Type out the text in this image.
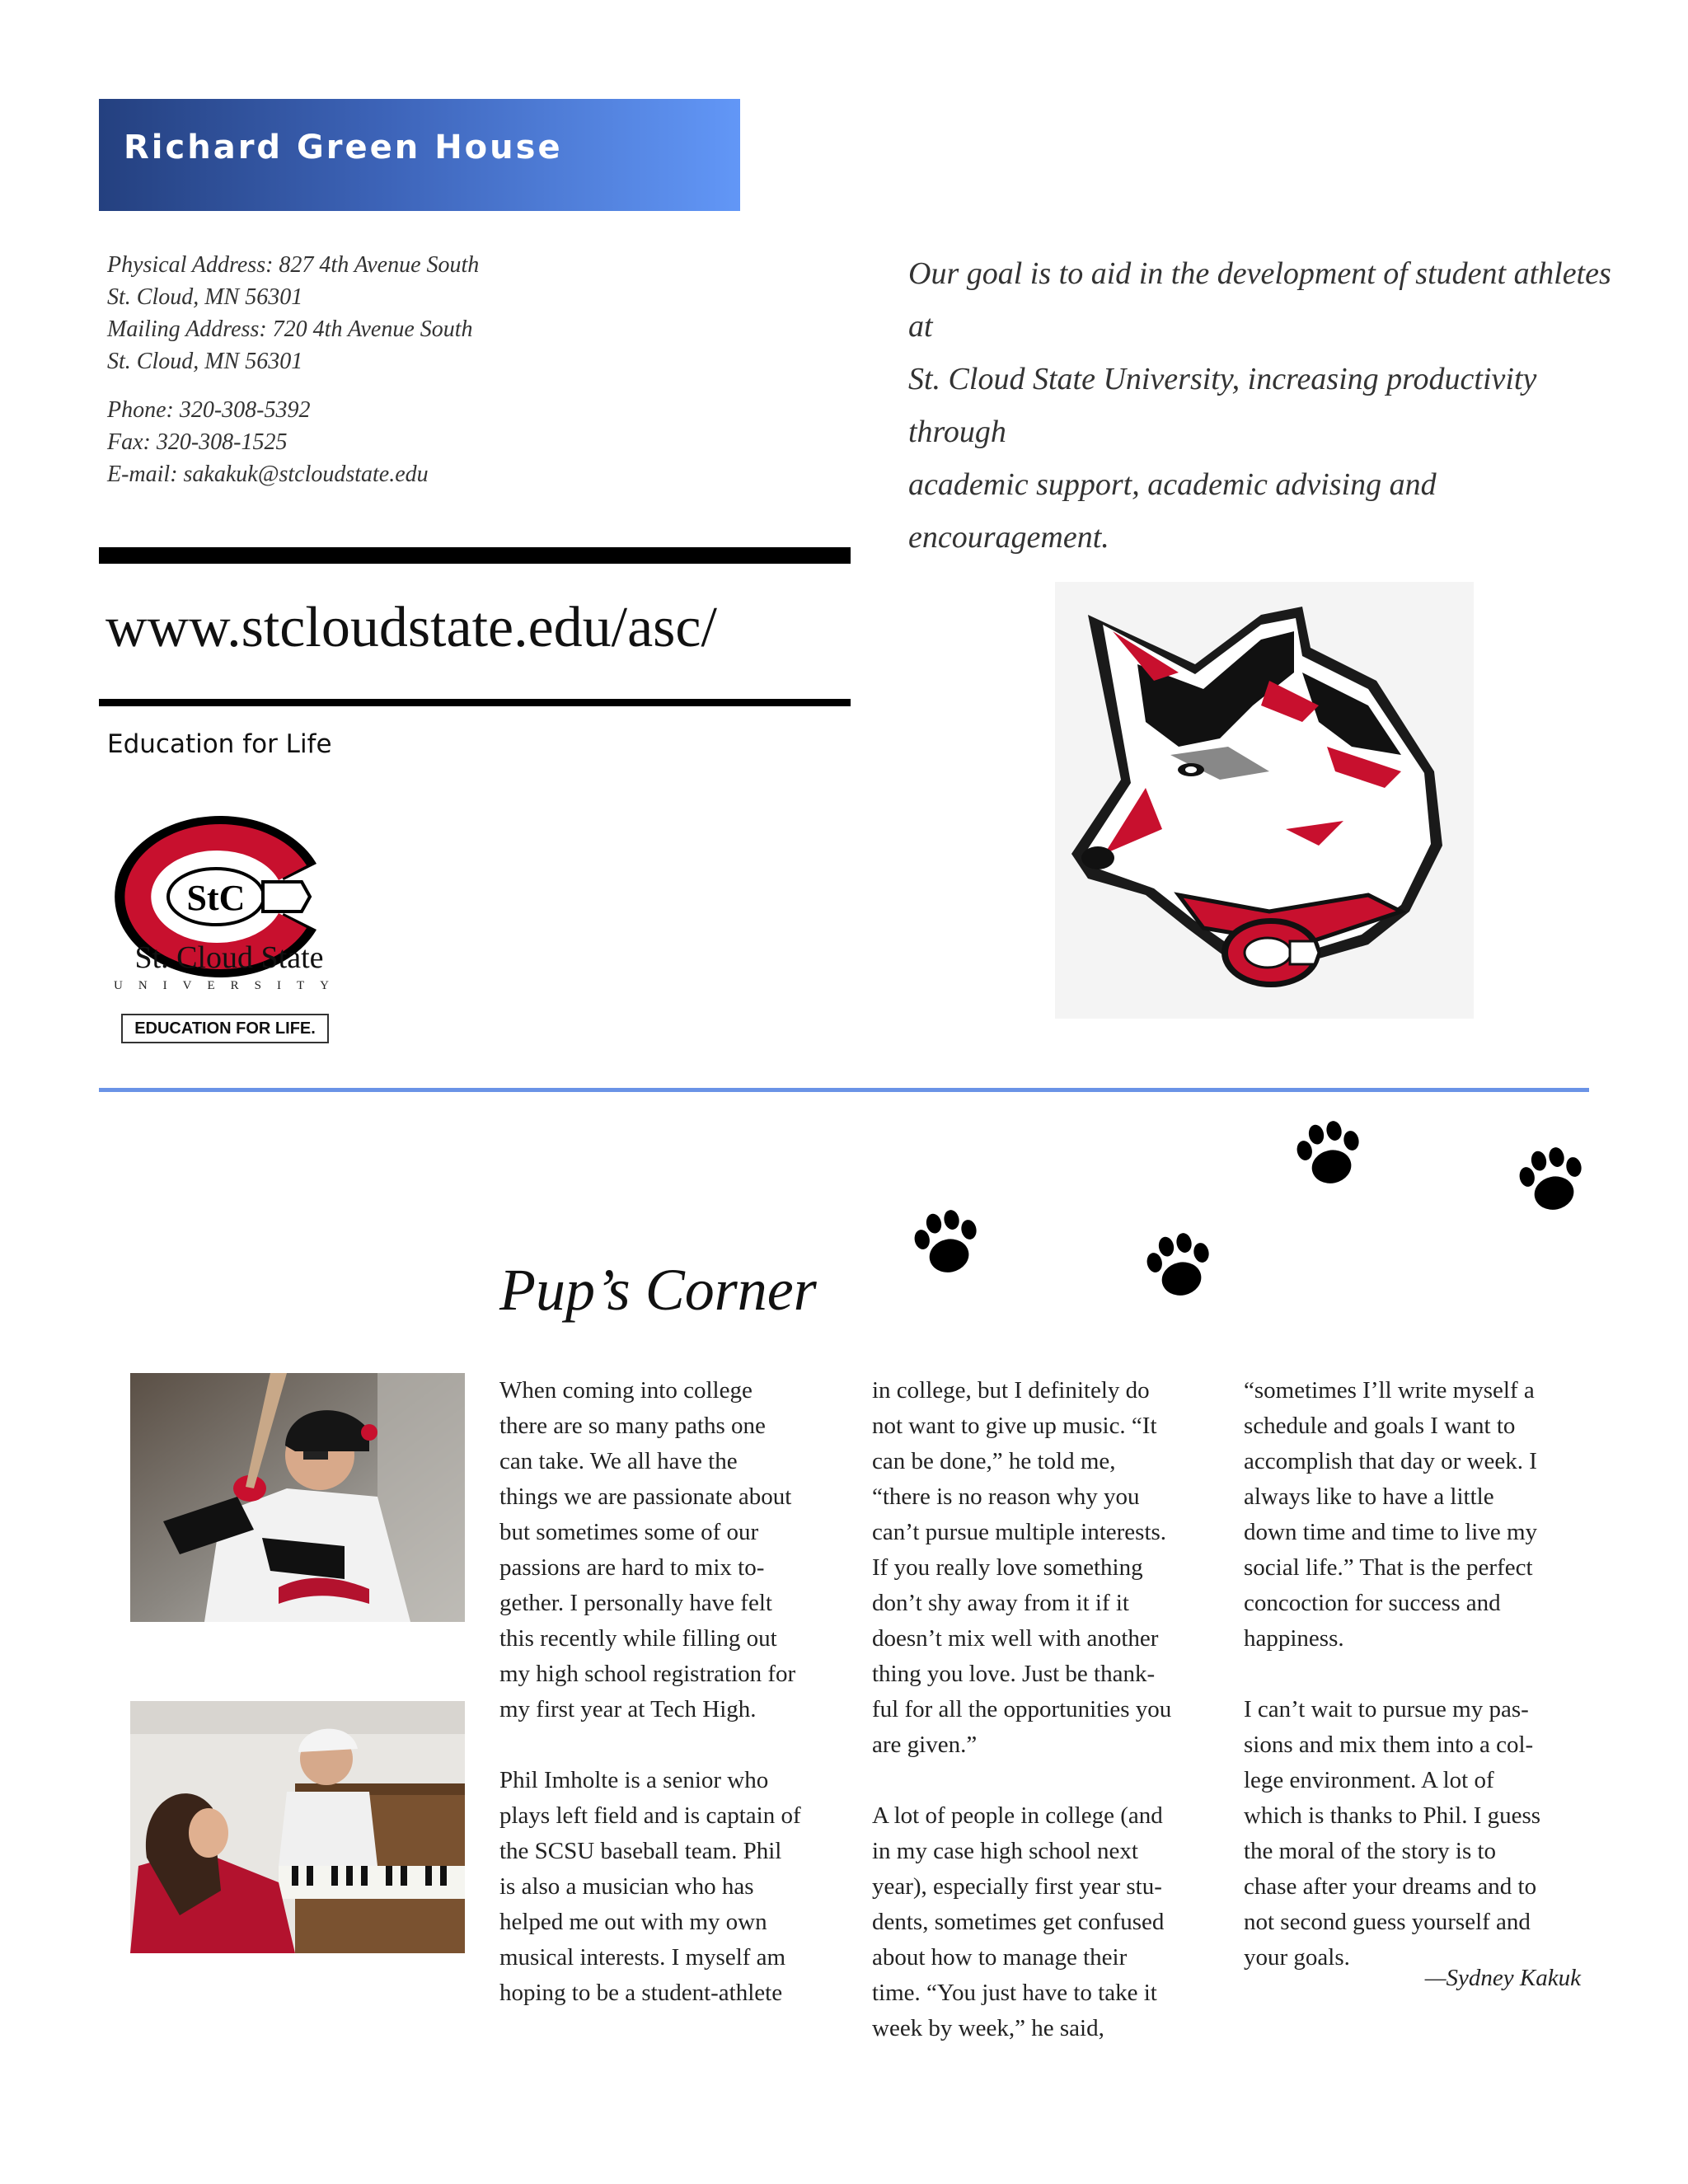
Richard Green House
Physical Address: 827 4th Avenue South
St. Cloud, MN 56301
Mailing Address: 720 4th Avenue South
St. Cloud, MN 56301
Phone: 320-308-5392
Fax: 320-308-1525
E-mail: sakakuk@stcloudstate.edu
Our goal is to aid in the development of student athletes at
St. Cloud State University, increasing productivity through
academic support, academic advising and encouragement.
www.stcloudstate.edu/asc/
Education for Life
StC
St. Cloud State
UNIVERSITY
EDUCATION FOR LIFE.
Pup’s Corner
When coming into college
there are so many paths one
can take. We all have the
things we are passionate about
but sometimes some of our
passions are hard to mix to-
gether. I personally have felt
this recently while filling out
my high school registration for
my first year at Tech High.
Phil Imholte is a senior who
plays left field and is captain of
the SCSU baseball team. Phil
is also a musician who has
helped me out with my own
musical interests. I myself am
hoping to be a student-athlete
in college, but I definitely do
not want to give up music. “It
can be done,” he told me,
“there is no reason why you
can’t pursue multiple interests.
If you really love something
don’t shy away from it if it
doesn’t mix well with another
thing you love. Just be thank-
ful for all the opportunities you
are given.”
A lot of people in college (and
in my case high school next
year), especially first year stu-
dents, sometimes get confused
about how to manage their
time. “You just have to take it
week by week,” he said,
“sometimes I’ll write myself a
schedule and goals I want to
accomplish that day or week. I
always like to have a little
down time and time to live my
social life.” That is the perfect
concoction for success and
happiness.
I can’t wait to pursue my pas-
sions and mix them into a col-
lege environment. A lot of
which is thanks to Phil. I guess
the moral of the story is to
chase after your dreams and to
not second guess yourself and
your goals.
—Sydney Kakuk
